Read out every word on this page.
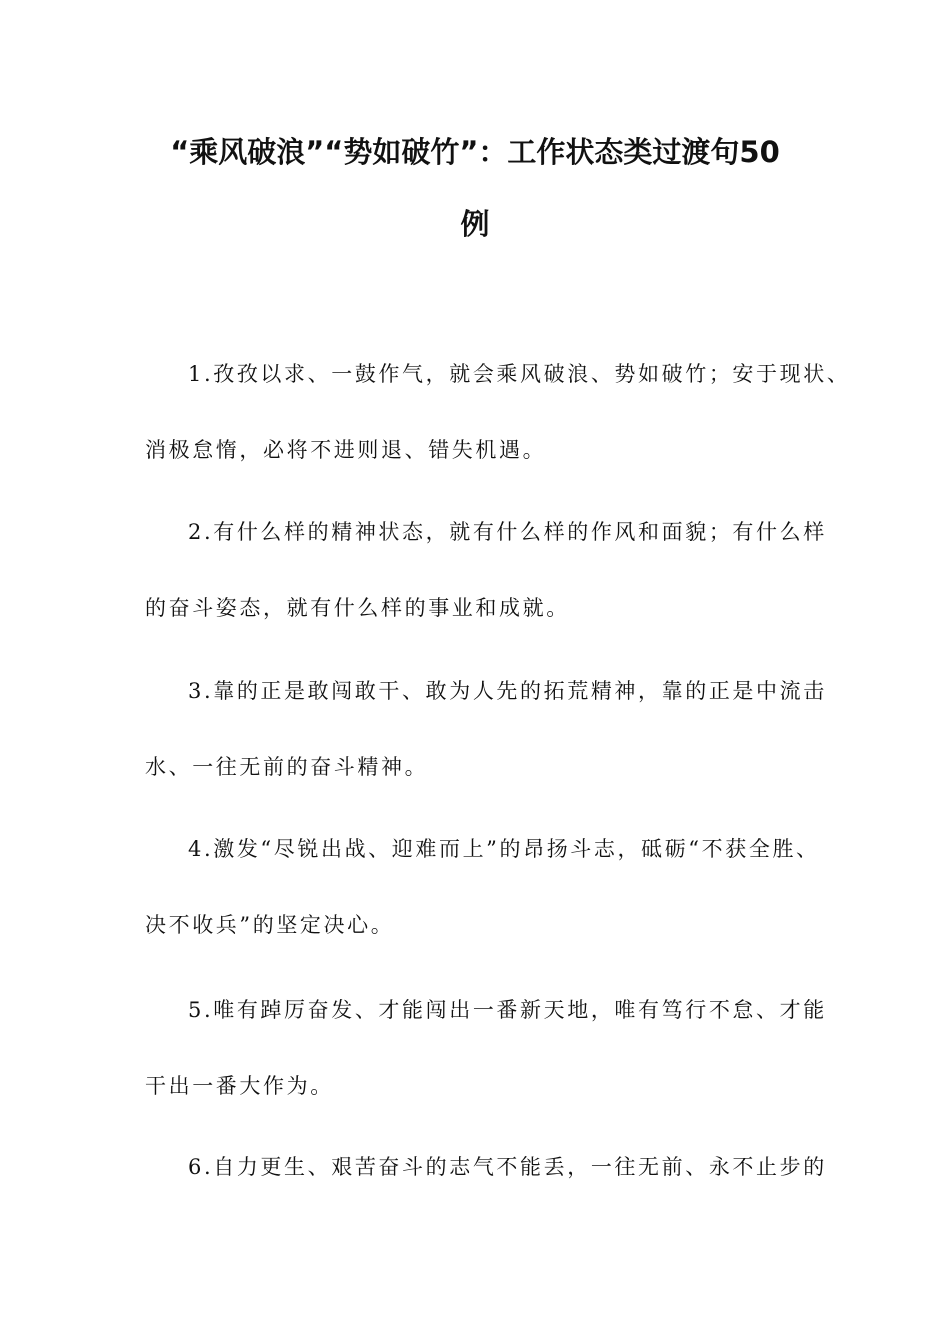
“乘风破浪”“势如破竹”：工作状态类过渡句50
例
1.孜孜以求、一鼓作气，就会乘风破浪、势如破竹；安于现状、
消极怠惰，必将不进则退、错失机遇。
2.有什么样的精神状态，就有什么样的作风和面貌；有什么样
的奋斗姿态，就有什么样的事业和成就。
3.靠的正是敢闯敢干、敢为人先的拓荒精神，靠的正是中流击
水、一往无前的奋斗精神。
4.激发“尽锐出战、迎难而上”的昂扬斗志，砥砺“不获全胜、
决不收兵”的坚定决心。
5.唯有踔厉奋发、才能闯出一番新天地，唯有笃行不怠、才能
干出一番大作为。
6.自力更生、艰苦奋斗的志气不能丢，一往无前、永不止步的
